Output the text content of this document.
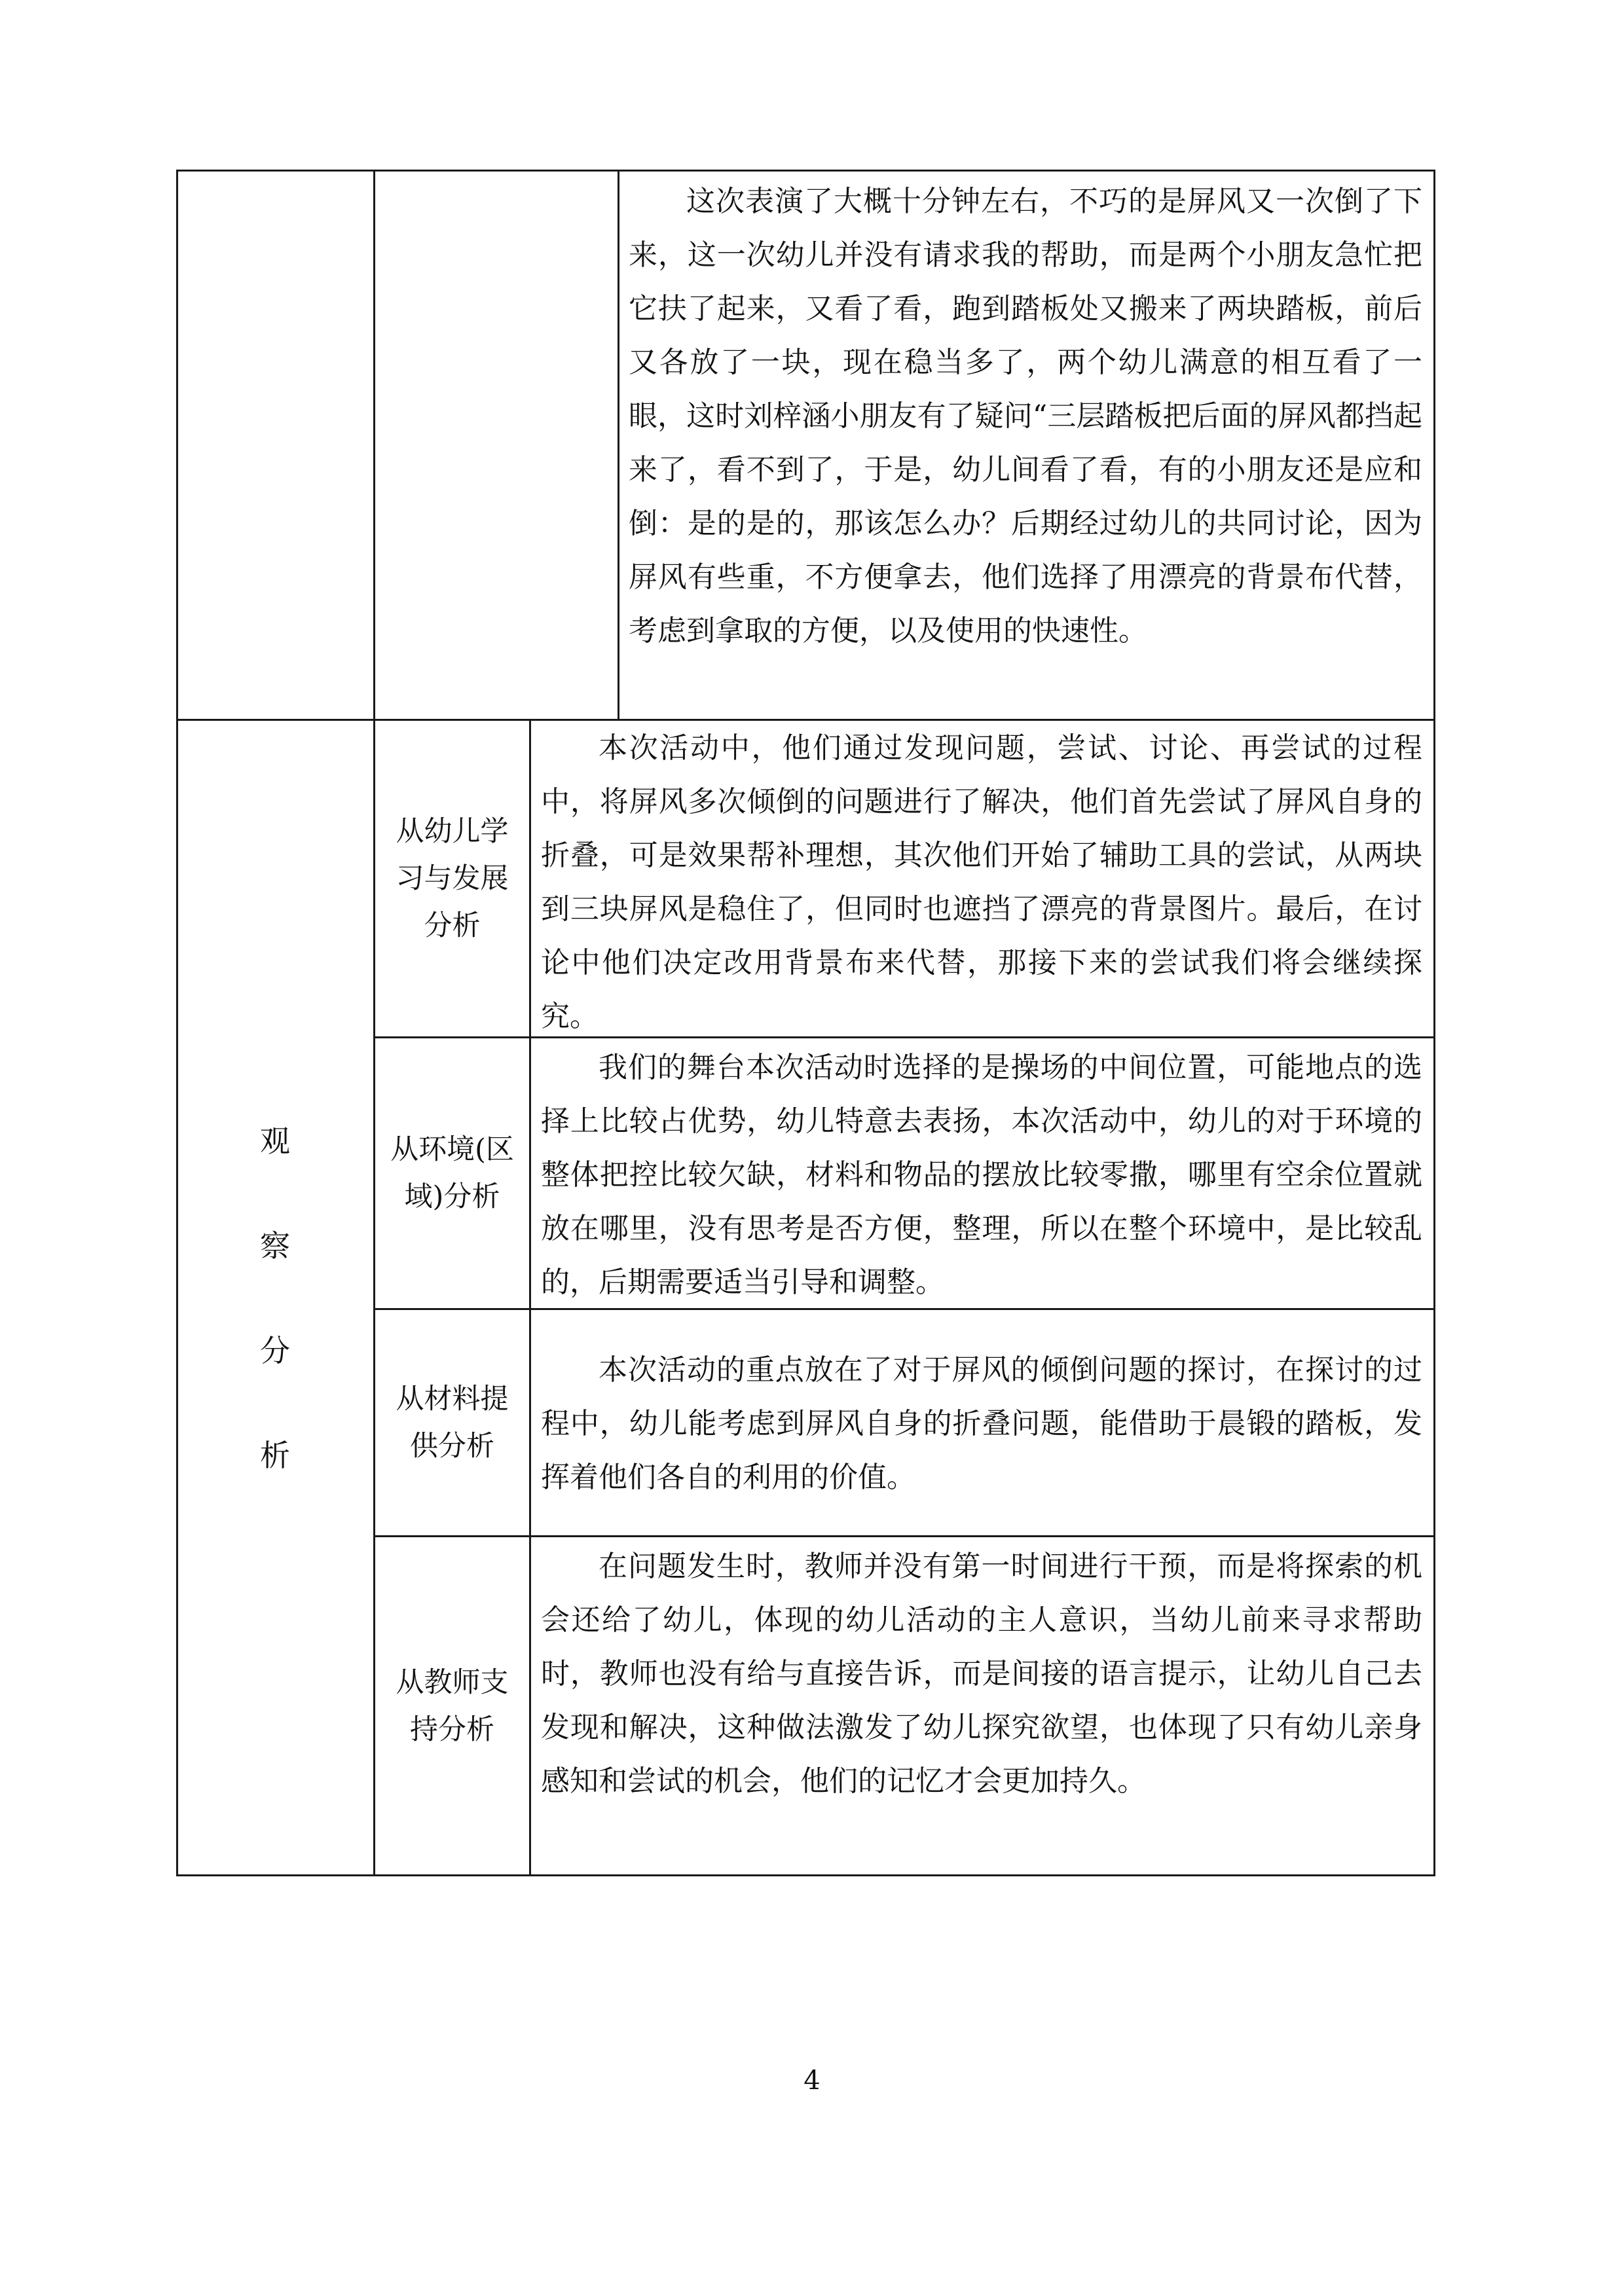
这次表演了大概十分钟左右，不巧的是屏风又一次倒了下来，这一次幼儿并没有请求我的帮助，而是两个小朋友急忙把它扶了起来，又看了看，跑到踏板处又搬来了两块踏板，前后又各放了一块，现在稳当多了，两个幼儿满意的相互看了一眼，这时刘梓涵小朋友有了疑问“三层踏板把后面的屏风都挡起来了，看不到了，于是，幼儿间看了看，有的小朋友还是应和倒：是的是的，那该怎么办？后期经过幼儿的共同讨论，因为屏风有些重，不方便拿去，他们选择了用漂亮的背景布代替，考虑到拿取的方便，以及使用的快速性。

观
察
分
析
从幼儿学
习与发展
分析

本次活动中，他们通过发现问题，尝试、讨论、再尝试的过程中，将屏风多次倾倒的问题进行了解决，他们首先尝试了屏风自身的折叠，可是效果帮补理想，其次他们开始了辅助工具的尝试，从两块到三块屏风是稳住了，但同时也遮挡了漂亮的背景图片。最后，在讨论中他们决定改用背景布来代替，那接下来的尝试我们将会继续探究。

从环境(区
域)分析

我们的舞台本次活动时选择的是操场的中间位置，可能地点的选择上比较占优势，幼儿特意去表扬，本次活动中，幼儿的对于环境的整体把控比较欠缺，材料和物品的摆放比较零撒，哪里有空余位置就放在哪里，没有思考是否方便，整理，所以在整个环境中，是比较乱的，后期需要适当引导和调整。

从材料提
供分析

本次活动的重点放在了对于屏风的倾倒问题的探讨，在探讨的过程中，幼儿能考虑到屏风自身的折叠问题，能借助于晨锻的踏板，发挥着他们各自的利用的价值。

从教师支
持分析

在问题发生时，教师并没有第一时间进行干预，而是将探索的机会还给了幼儿，体现的幼儿活动的主人意识，当幼儿前来寻求帮助时，教师也没有给与直接告诉，而是间接的语言提示，让幼儿自己去发现和解决，这种做法激发了幼儿探究欲望，也体现了只有幼儿亲身感知和尝试的机会，他们的记忆才会更加持久。

4
